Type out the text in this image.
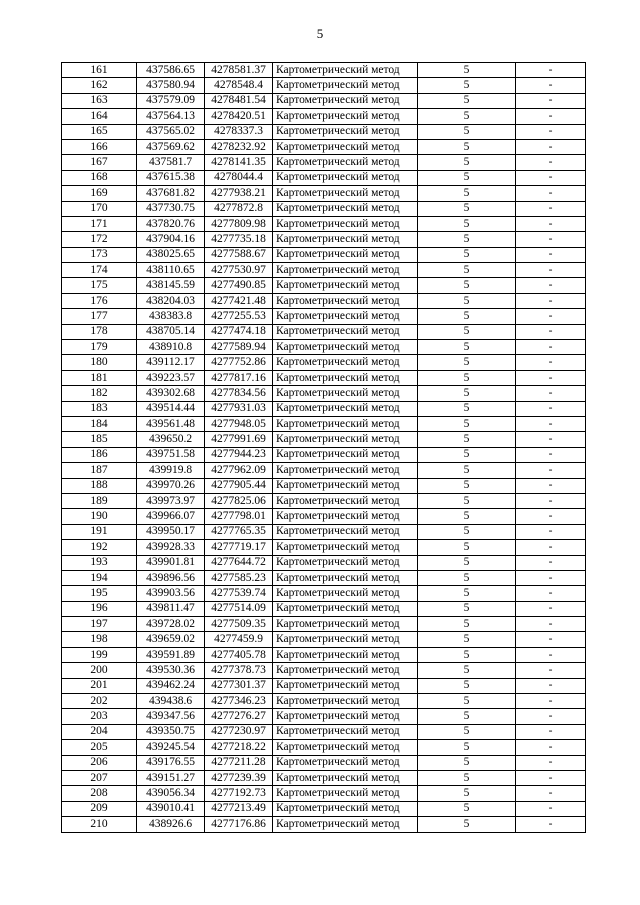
5
161	437586.65	4278581.37	Картометрический метод	5	-
162	437580.94	4278548.4	Картометрический метод	5	-
163	437579.09	4278481.54	Картометрический метод	5	-
164	437564.13	4278420.51	Картометрический метод	5	-
165	437565.02	4278337.3	Картометрический метод	5	-
166	437569.62	4278232.92	Картометрический метод	5	-
167	437581.7	4278141.35	Картометрический метод	5	-
168	437615.38	4278044.4	Картометрический метод	5	-
169	437681.82	4277938.21	Картометрический метод	5	-
170	437730.75	4277872.8	Картометрический метод	5	-
171	437820.76	4277809.98	Картометрический метод	5	-
172	437904.16	4277735.18	Картометрический метод	5	-
173	438025.65	4277588.67	Картометрический метод	5	-
174	438110.65	4277530.97	Картометрический метод	5	-
175	438145.59	4277490.85	Картометрический метод	5	-
176	438204.03	4277421.48	Картометрический метод	5	-
177	438383.8	4277255.53	Картометрический метод	5	-
178	438705.14	4277474.18	Картометрический метод	5	-
179	438910.8	4277589.94	Картометрический метод	5	-
180	439112.17	4277752.86	Картометрический метод	5	-
181	439223.57	4277817.16	Картометрический метод	5	-
182	439302.68	4277834.56	Картометрический метод	5	-
183	439514.44	4277931.03	Картометрический метод	5	-
184	439561.48	4277948.05	Картометрический метод	5	-
185	439650.2	4277991.69	Картометрический метод	5	-
186	439751.58	4277944.23	Картометрический метод	5	-
187	439919.8	4277962.09	Картометрический метод	5	-
188	439970.26	4277905.44	Картометрический метод	5	-
189	439973.97	4277825.06	Картометрический метод	5	-
190	439966.07	4277798.01	Картометрический метод	5	-
191	439950.17	4277765.35	Картометрический метод	5	-
192	439928.33	4277719.17	Картометрический метод	5	-
193	439901.81	4277644.72	Картометрический метод	5	-
194	439896.56	4277585.23	Картометрический метод	5	-
195	439903.56	4277539.74	Картометрический метод	5	-
196	439811.47	4277514.09	Картометрический метод	5	-
197	439728.02	4277509.35	Картометрический метод	5	-
198	439659.02	4277459.9	Картометрический метод	5	-
199	439591.89	4277405.78	Картометрический метод	5	-
200	439530.36	4277378.73	Картометрический метод	5	-
201	439462.24	4277301.37	Картометрический метод	5	-
202	439438.6	4277346.23	Картометрический метод	5	-
203	439347.56	4277276.27	Картометрический метод	5	-
204	439350.75	4277230.97	Картометрический метод	5	-
205	439245.54	4277218.22	Картометрический метод	5	-
206	439176.55	4277211.28	Картометрический метод	5	-
207	439151.27	4277239.39	Картометрический метод	5	-
208	439056.34	4277192.73	Картометрический метод	5	-
209	439010.41	4277213.49	Картометрический метод	5	-
210	438926.6	4277176.86	Картометрический метод	5	-
